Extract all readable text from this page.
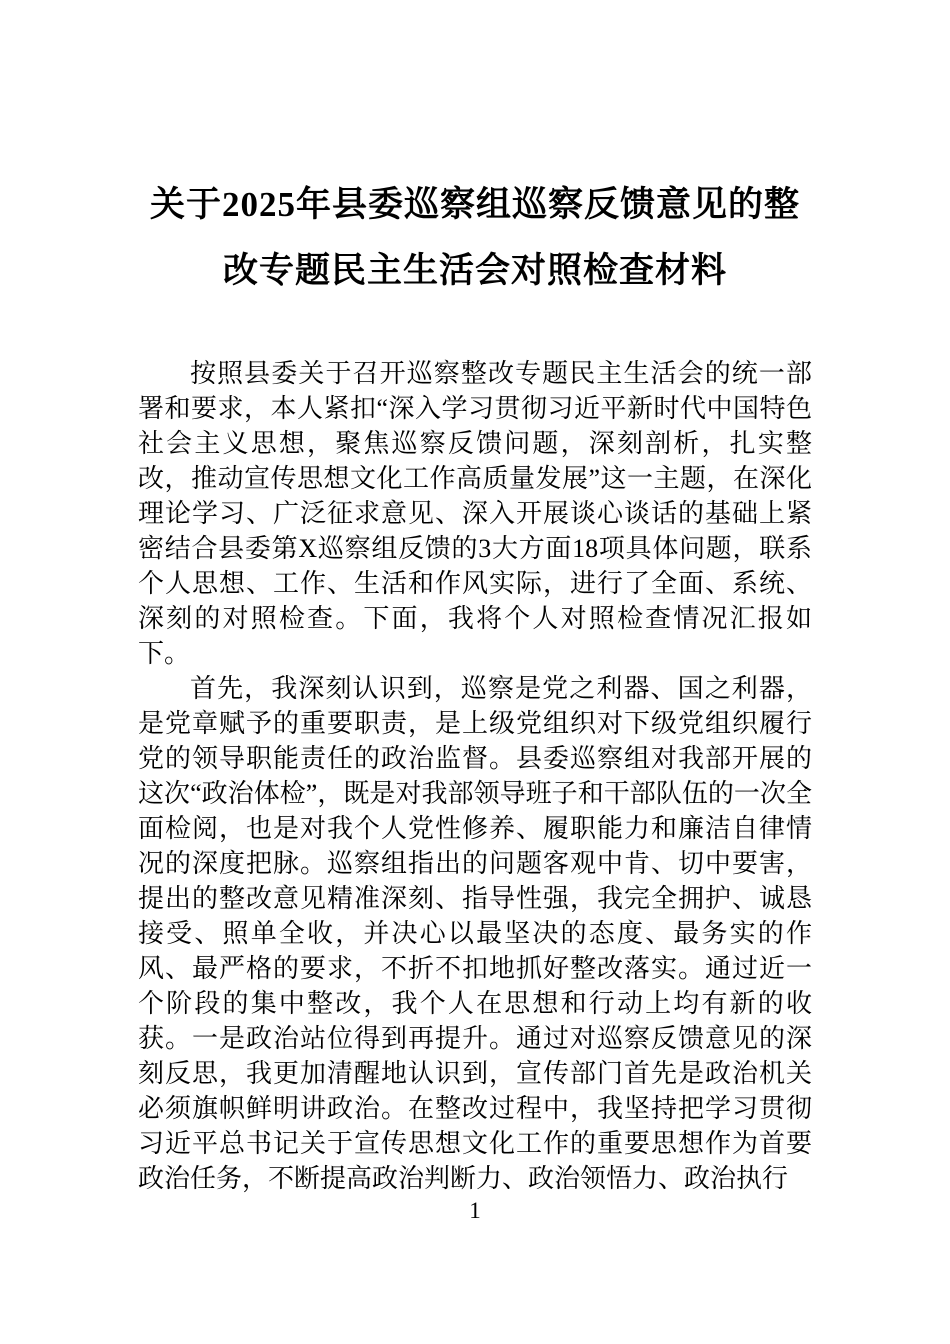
关于2025年县委巡察组巡察反馈意见的整
改专题民主生活会对照检查材料

按照县委关于召开巡察整改专题民主生活会的统一部署和要求，本人紧扣“深入学习贯彻习近平新时代中国特色社会主义思想，聚焦巡察反馈问题，深刻剖析，扎实整改，推动宣传思想文化工作高质量发展”这一主题，在深化理论学习、广泛征求意见、深入开展谈心谈话的基础上紧密结合县委第X巡察组反馈的3大方面18项具体问题，联系个人思想、工作、生活和作风实际，进行了全面、系统、深刻的对照检查。下面，我将个人对照检查情况汇报如下。

首先，我深刻认识到，巡察是党之利器、国之利器，是党章赋予的重要职责，是上级党组织对下级党组织履行党的领导职能责任的政治监督。县委巡察组对我部开展的这次“政治体检”，既是对我部领导班子和干部队伍的一次全面检阅，也是对我个人党性修养、履职能力和廉洁自律情况的深度把脉。巡察组指出的问题客观中肯、切中要害，提出的整改意见精准深刻、指导性强，我完全拥护、诚恳接受、照单全收，并决心以最坚决的态度、最务实的作风、最严格的要求，不折不扣地抓好整改落实。通过近一个阶段的集中整改，我个人在思想和行动上均有新的收获。一是政治站位得到再提升。通过对巡察反馈意见的深刻反思，我更加清醒地认识到，宣传部门首先是政治机关必须旗帜鲜明讲政治。在整改过程中，我坚持把学习贯彻习近平总书记关于宣传思想文化工作的重要思想作为首要政治任务，不断提高政治判断力、政治领悟力、政治执行

1
